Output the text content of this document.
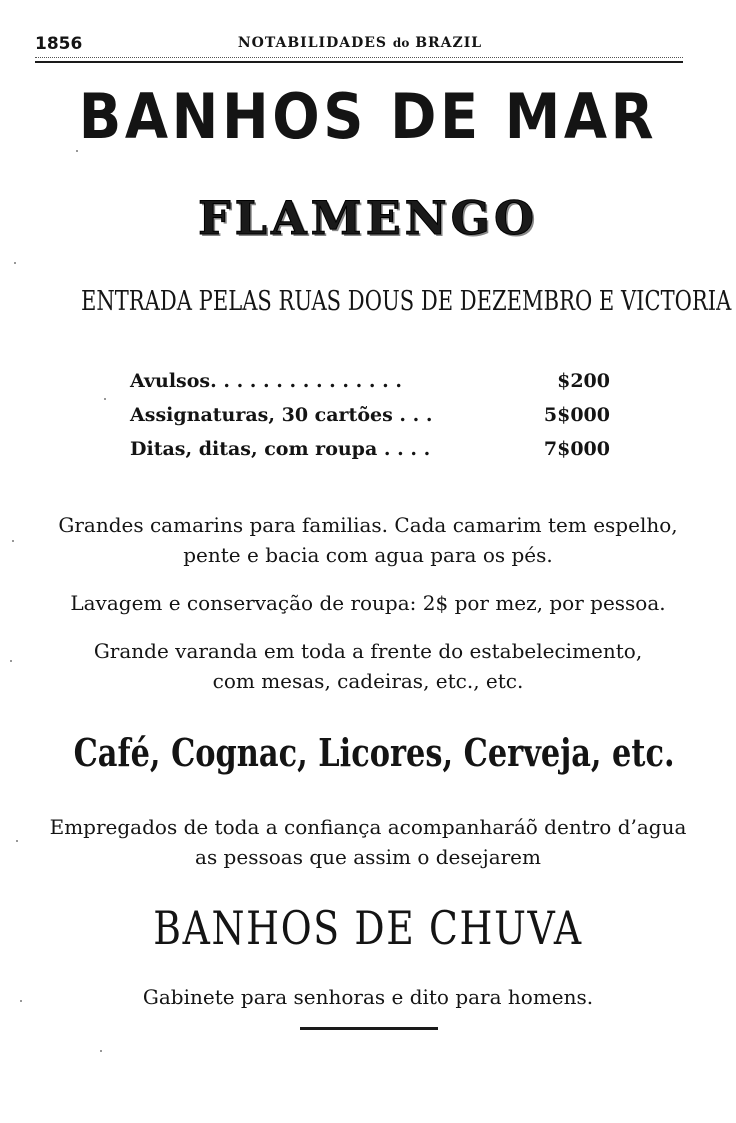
1856	NOTABILIDADES do BRAZIL
BANHOS DE MAR
FLAMENGO
ENTRADA PELAS RUAS DOUS DE DEZEMBRO E VICTORIA
Avulsos. . . . . . . . . . . . . . .	$200
Assignaturas, 30 cartões . . .	5$000
Ditas, ditas, com roupa . . . .	7$000
Grandes camarins para familias. Cada camarim tem espelho,
pente e bacia com agua para os pés.
Lavagem e conservação de roupa: 2$ por mez, por pessoa.
Grande varanda em toda a frente do estabelecimento,
com mesas, cadeiras, etc., etc.
Café, Cognac, Licores, Cerveja, etc.
Empregados de toda a confiança acompanharáõ dentro d’agua
as pessoas que assim o desejarem
BANHOS DE CHUVA
Gabinete para senhoras e dito para homens.
